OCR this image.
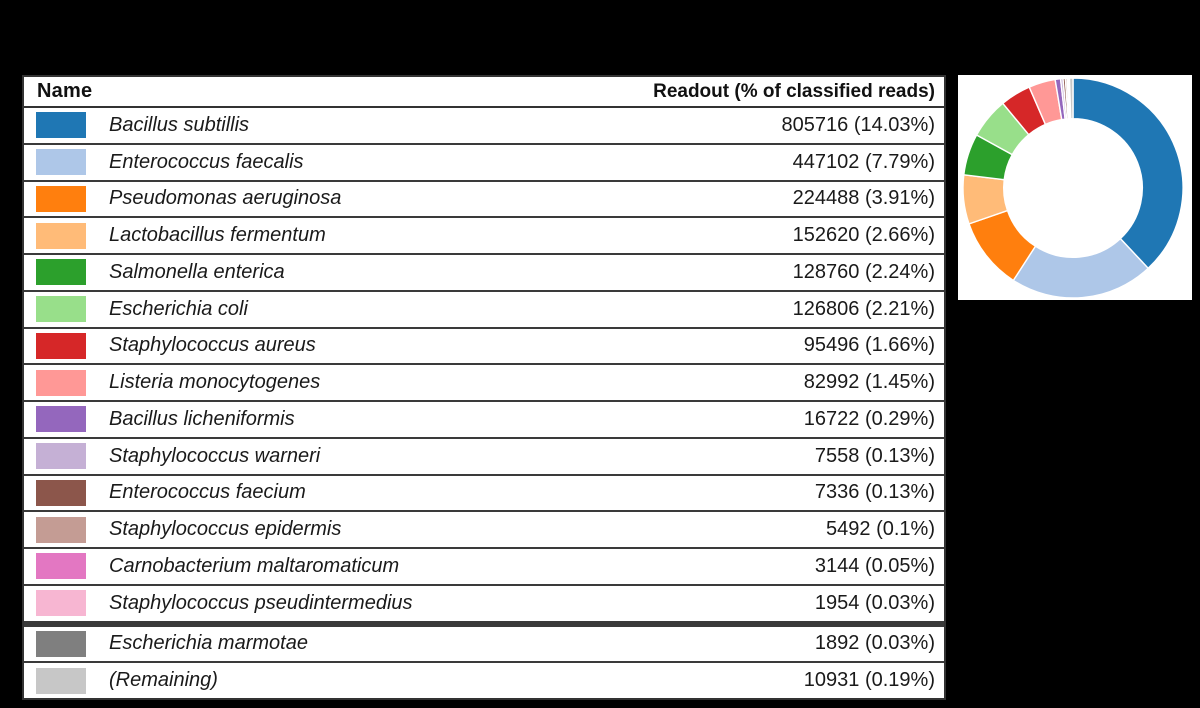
Name	Readout (% of classified reads)
Bacillus subtillis	805716 (14.03%)
Enterococcus faecalis	447102 (7.79%)
Pseudomonas aeruginosa	224488 (3.91%)
Lactobacillus fermentum	152620 (2.66%)
Salmonella enterica	128760 (2.24%)
Escherichia coli	126806 (2.21%)
Staphylococcus aureus	95496 (1.66%)
Listeria monocytogenes	82992 (1.45%)
Bacillus licheniformis	16722 (0.29%)
Staphylococcus warneri	7558 (0.13%)
Enterococcus faecium	7336 (0.13%)
Staphylococcus epidermis	5492 (0.1%)
Carnobacterium maltaromaticum	3144 (0.05%)
Staphylococcus pseudintermedius	1954 (0.03%)
Escherichia marmotae	1892 (0.03%)
(Remaining)	10931 (0.19%)
